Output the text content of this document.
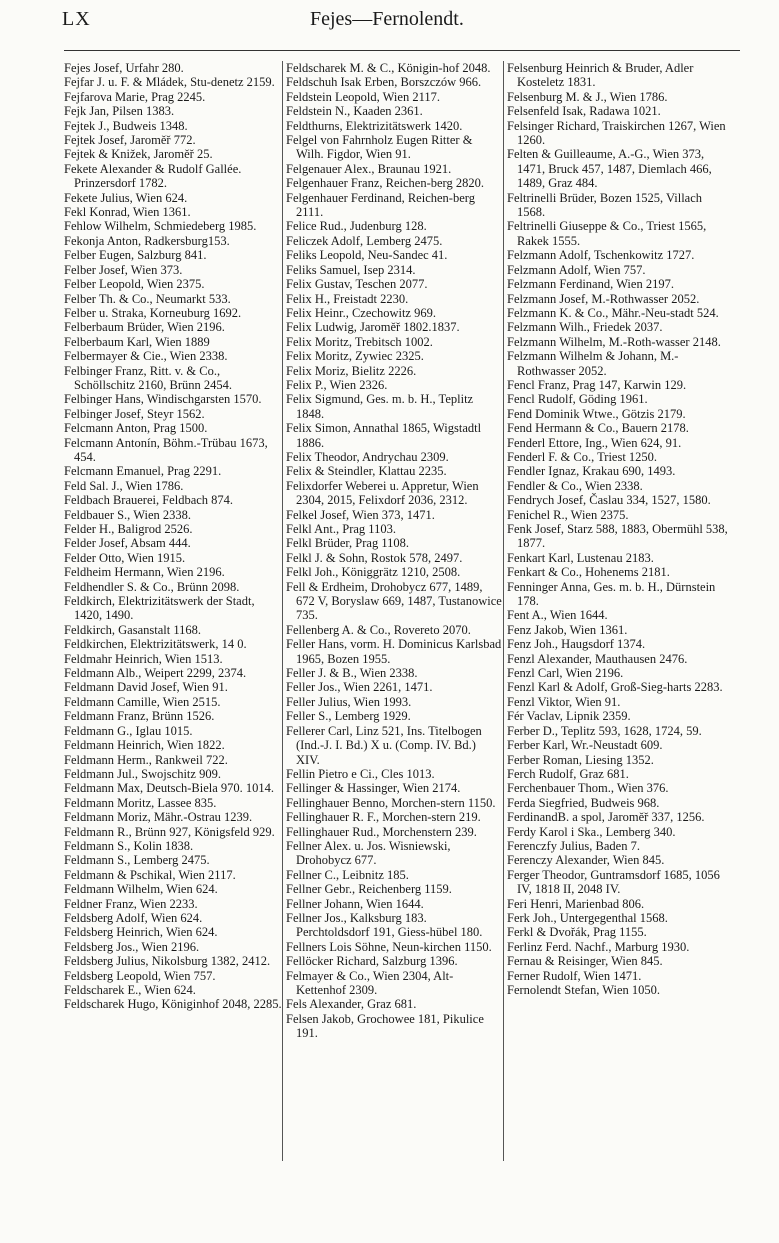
LX	Fejes—Fernolendt.

Fejes Josef, Urfahr 280.

Fejfar J. u. F. & Mládek, Stu-denetz 2159.

Fejfarova Marie, Prag 2245.

Fejk Jan, Pilsen 1383.

Fejtek J., Budweis 1348.

Fejtek Josef, Jaroměř 772.

Fejtek & Knižek, Jaroměř 25.

Fekete Alexander & Rudolf Gallée. Prinzersdorf 1782.

Fekete Julius, Wien 624.

Fekl Konrad, Wien 1361.

Fehlow Wilhelm, Schmiedeberg 1985.

Fekonja Anton, Radkersburg153.

Felber Eugen, Salzburg 841.

Felber Josef, Wien 373.

Felber Leopold, Wien 2375.

Felber Th. & Co., Neumarkt 533.

Felber u. Straka, Korneuburg 1692.

Felberbaum Brüder, Wien 2196.

Felberbaum Karl, Wien 1889

Felbermayer & Cie., Wien 2338.

Felbinger Franz, Ritt. v. & Co., Schöllschitz 2160, Brünn 2454.

Felbinger Hans, Windischgarsten 1570.

Felbinger Josef, Steyr 1562.

Felcmann Anton, Prag 1500.

Felcmann Antonín, Böhm.-Trübau 1673, 454.

Felcmann Emanuel, Prag 2291.

Feld Sal. J., Wien 1786.

Feldbach Brauerei, Feldbach 874.

Feldbauer S., Wien 2338.

Felder H., Baligrod 2526.

Felder Josef, Absam 444.

Felder Otto, Wien 1915.

Feldheim Hermann, Wien 2196.

Feldhendler S. & Co., Brünn 2098.

Feldkirch, Elektrizitätswerk der Stadt, 1420, 1490.

Feldkirch, Gasanstalt 1168.

Feldkirchen, Elektrizitätswerk, 14 0.

Feldmahr Heinrich, Wien 1513.

Feldmann Alb., Weipert 2299, 2374.

Feldmann David Josef, Wien 91.

Feldmann Camille, Wien 2515.

Feldmann Franz, Brünn 1526.

Feldmann G., Iglau 1015.

Feldmann Heinrich, Wien 1822.

Feldmann Herm., Rankweil 722.

Feldmann Jul., Swojschitz 909.

Feldmann Max, Deutsch-Biela 970. 1014.

Feldmann Moritz, Lassee 835.

Feldmann Moriz, Mähr.-Ostrau 1239.

Feldmann R., Brünn 927, Königsfeld 929.

Feldmann S., Kolin 1838.

Feldmann S., Lemberg 2475.

Feldmann & Pschikal, Wien 2117.

Feldmann Wilhelm, Wien 624.

Feldner Franz, Wien 2233.

Feldsberg Adolf, Wien 624.

Feldsberg Heinrich, Wien 624.

Feldsberg Jos., Wien 2196.

Feldsberg Julius, Nikolsburg 1382, 2412.

Feldsberg Leopold, Wien 757.

Feldscharek E., Wien 624.

Feldscharek Hugo, Königinhof 2048, 2285.

Feldscharek M. & C., Königin-hof 2048.

Feldschuh Isak Erben, Borszczów 966.

Feldstein Leopold, Wien 2117.

Feldstein N., Kaaden 2361.

Feldthurns, Elektrizitätswerk 1420.

Felgel von Fahrnholz Eugen Ritter & Wilh. Figdor, Wien 91.

Felgenauer Alex., Braunau 1921.

Felgenhauer Franz, Reichen-berg 2820.

Felgenhauer Ferdinand, Reichen-berg 2111.

Felice Rud., Judenburg 128.

Feliczek Adolf, Lemberg 2475.

Feliks Leopold, Neu-Sandec 41.

Feliks Samuel, Isep 2314.

Felix Gustav, Teschen 2077.

Felix H., Freistadt 2230.

Felix Heinr., Czechowitz 969.

Felix Ludwig, Jaroměř 1802.1837.

Felix Moritz, Trebitsch 1002.

Felix Moritz, Zywiec 2325.

Felix Moriz, Bielitz 2226.

Felix P., Wien 2326.

Felix Sigmund, Ges. m. b. H., Teplitz 1848.

Felix Simon, Annathal 1865, Wigstadtl 1886.

Felix Theodor, Andrychau 2309.

Felix & Steindler, Klattau 2235.

Felixdorfer Weberei u. Appretur, Wien 2304, 2015, Felixdorf 2036, 2312.

Felkel Josef, Wien 373, 1471.

Felkl Ant., Prag 1103.

Felkl Brüder, Prag 1108.

Felkl J. & Sohn, Rostok 578, 2497.

Felkl Joh., Königgrätz 1210, 2508.

Fell & Erdheim, Drohobycz 677, 1489, 672 V, Boryslaw 669, 1487, Tustanowice 735.

Fellenberg A. & Co., Rovereto 2070.

Feller Hans, vorm. H. Dominicus Karlsbad 1965, Bozen 1955.

Feller J. & B., Wien 2338.

Feller Jos., Wien 2261, 1471.

Feller Julius, Wien 1993.

Feller S., Lemberg 1929.

Fellerer Carl, Linz 521, Ins. Titelbogen (Ind.-J. I. Bd.) X u. (Comp. IV. Bd.) XIV.

Fellin Pietro e Ci., Cles 1013.

Fellinger & Hassinger, Wien 2174.

Fellinghauer Benno, Morchen-stern 1150.

Fellinghauer R. F., Morchen-stern 219.

Fellinghauer Rud., Morchenstern 239.

Fellner Alex. u. Jos. Wisniewski, Drohobycz 677.

Fellner C., Leibnitz 185.

Fellner Gebr., Reichenberg 1159.

Fellner Johann, Wien 1644.

Fellner Jos., Kalksburg 183. Perchtoldsdorf 191, Giess-hübel 180.

Fellners Lois Söhne, Neun-kirchen 1150.

Fellöcker Richard, Salzburg 1396.

Felmayer & Co., Wien 2304, Alt-Kettenhof 2309.

Fels Alexander, Graz 681.

Felsen Jakob, Grochowee 181, Pikulice 191.

Felsenburg Heinrich & Bruder, Adler Kosteletz 1831.

Felsenburg M. & J., Wien 1786.

Felsenfeld Isak, Radawa 1021.

Felsinger Richard, Traiskirchen 1267, Wien 1260.

Felten & Guilleaume, A.-G., Wien 373, 1471, Bruck 457, 1487, Diemlach 466, 1489, Graz 484.

Feltrinelli Brüder, Bozen 1525, Villach 1568.

Feltrinelli Giuseppe & Co., Triest 1565, Rakek 1555.

Felzmann Adolf, Tschenkowitz 1727.

Felzmann Adolf, Wien 757.

Felzmann Ferdinand, Wien 2197.

Felzmann Josef, M.-Rothwasser 2052.

Felzmann K. & Co., Mähr.-Neu-stadt 524.

Felzmann Wilh., Friedek 2037.

Felzmann Wilhelm, M.-Roth-wasser 2148.

Felzmann Wilhelm & Johann, M.-Rothwasser 2052.

Fencl Franz, Prag 147, Karwin 129.

Fencl Rudolf, Göding 1961.

Fend Dominik Wtwe., Götzis 2179.

Fend Hermann & Co., Bauern 2178.

Fenderl Ettore, Ing., Wien 624, 91.

Fenderl F. & Co., Triest 1250.

Fendler Ignaz, Krakau 690, 1493.

Fendler & Co., Wien 2338.

Fendrych Josef, Časlau 334, 1527, 1580.

Fenichel R., Wien 2375.

Fenk Josef, Starz 588, 1883, Obermühl 538, 1877.

Fenkart Karl, Lustenau 2183.

Fenkart & Co., Hohenems 2181.

Fenninger Anna, Ges. m. b. H., Dürnstein 178.

Fent A., Wien 1644.

Fenz Jakob, Wien 1361.

Fenz Joh., Haugsdorf 1374.

Fenzl Alexander, Mauthausen 2476.

Fenzl Carl, Wien 2196.

Fenzl Karl & Adolf, Groß-Sieg-harts 2283.

Fenzl Viktor, Wien 91.

Fér Vaclav, Lipnik 2359.

Ferber D., Teplitz 593, 1628, 1724, 59.

Ferber Karl, Wr.-Neustadt 609.

Ferber Roman, Liesing 1352.

Ferch Rudolf, Graz 681.

Ferchenbauer Thom., Wien 376.

Ferda Siegfried, Budweis 968.

FerdinandB. a spol, Jaroměř 337, 1256.

Ferdy Karol i Ska., Lemberg 340.

Ferenczfy Julius, Baden 7.

Ferenczy Alexander, Wien 845.

Ferger Theodor, Guntramsdorf 1685, 1056 IV, 1818 II, 2048 IV.

Feri Henri, Marienbad 806.

Ferk Joh., Untergegenthal 1568.

Ferkl & Dvořák, Prag 1155.

Ferlinz Ferd. Nachf., Marburg 1930.

Fernau & Reisinger, Wien 845.

Ferner Rudolf, Wien 1471.

Fernolendt Stefan, Wien 1050.
